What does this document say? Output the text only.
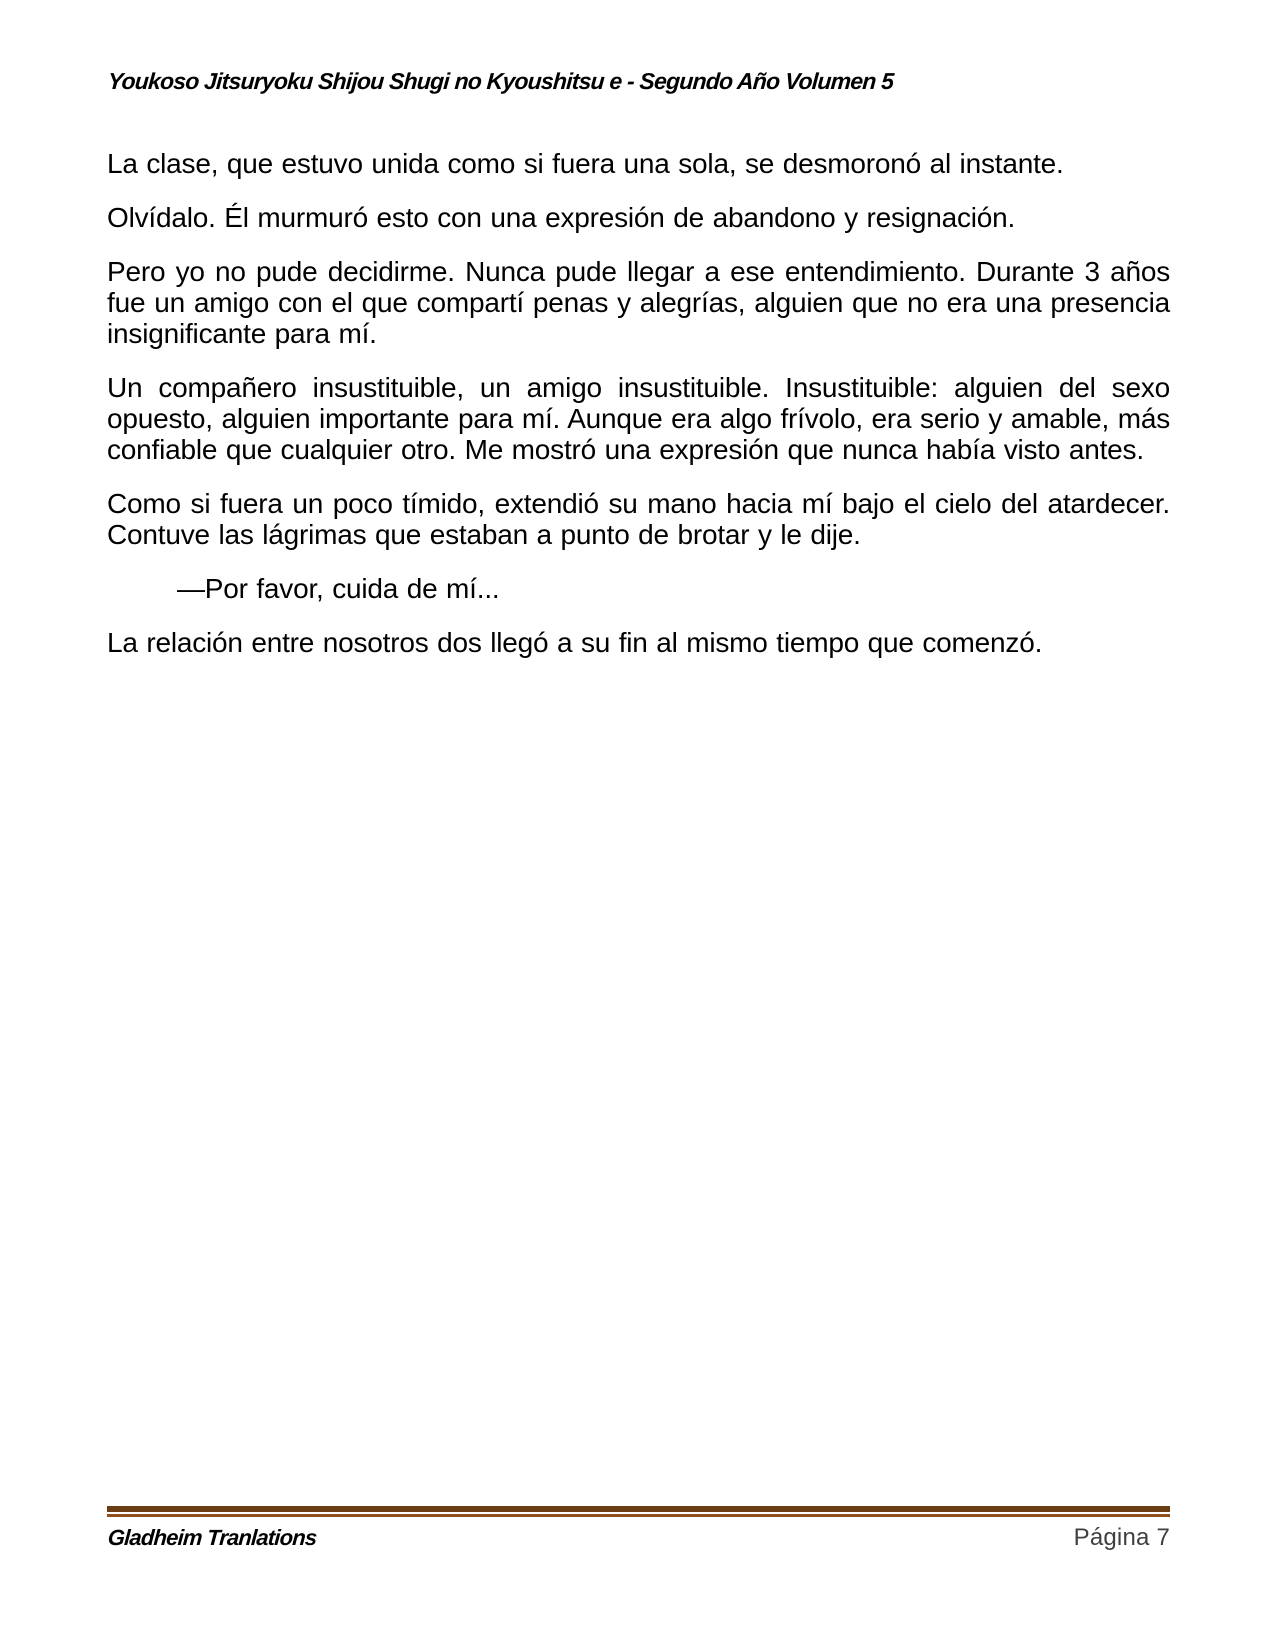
Youkoso Jitsuryoku Shijou Shugi no Kyoushitsu e - Segundo Año Volumen 5

La clase, que estuvo unida como si fuera una sola, se desmoronó al instante.

Olvídalo. Él murmuró esto con una expresión de abandono y resignación.

Pero yo no pude decidirme. Nunca pude llegar a ese entendimiento. Durante 3 años fue un amigo con el que compartí penas y alegrías, alguien que no era una presencia insignificante para mí.

Un compañero insustituible, un amigo insustituible. Insustituible: alguien del sexo opuesto, alguien importante para mí. Aunque era algo frívolo, era serio y amable, más confiable que cualquier otro. Me mostró una expresión que nunca había visto antes.

Como si fuera un poco tímido, extendió su mano hacia mí bajo el cielo del atardecer. Contuve las lágrimas que estaban a punto de brotar y le dije.

—Por favor, cuida de mí...

La relación entre nosotros dos llegó a su fin al mismo tiempo que comenzó.

Gladheim Tranlations	Página 7
